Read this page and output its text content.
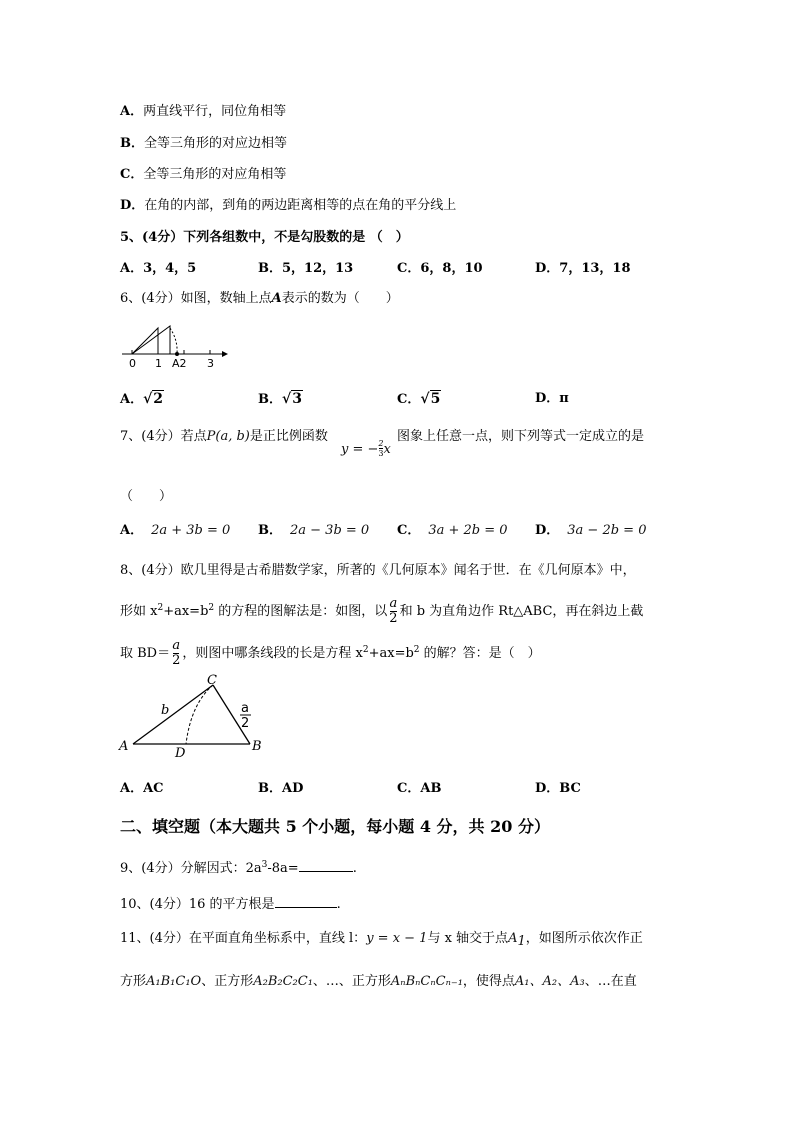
A．两直线平行，同位角相等
B．全等三角形的对应边相等
C．全等三角形的对应角相等
D．在角的内部，到角的两边距离相等的点在角的平分线上
5、(4分）下列各组数中，不是勾股数的是 （　）
A．3，4，5	B．5，12，13	C．6，8，10	D．7，13，18
6、(4分）如图，数轴上点A表示的数为（　　）
0 1 A2 3
A．√2	B．√3	C．√5	D．π
7、(4分）若点P(a, b)是正比例函数
y = − $\frac{2}{3}$ x
图象上任意一点，则下列等式一定成立的是
（　　）
A． 2a + 3b = 0 B． 2a − 3b = 0 C． 3a + 2b = 0 D． 3a − 2b = 0
8、(4分）欧几里得是古希腊数学家，所著的《几何原本》闻名于世．在《几何原本》中，
形如 $x^2+ax=b^2$ 的方程的图解法是：如图，以 $\frac{a}{2}$ 和 b 为直角边作 Rt△ABC，再在斜边上截
取 $BD= \frac{a}{2}$ ，则图中哪条线段的长是方程 $x^2+ax=b^2$ 的解？答：是（　）
C
A	B
D
b	a
2
A．AC	B．AD	C．AB	D．BC
二、填空题（本大题共 5 个小题，每小题 4 分，共 20 分）
9、(4分）分解因式：$2a^3-8a=$	.
10、(4分）16 的平方根是	.
11、(4分）在平面直角坐标系中，直线 l：y = x − 1与 x 轴交于点$A_1$，如图所示依次作正
方形A₁B₁C₁O、正方形A₂B₂C₂C₁、…、正方形AₙBₙCₙCₙ₋₁，使得点A₁、A₂、A₃、…在直
